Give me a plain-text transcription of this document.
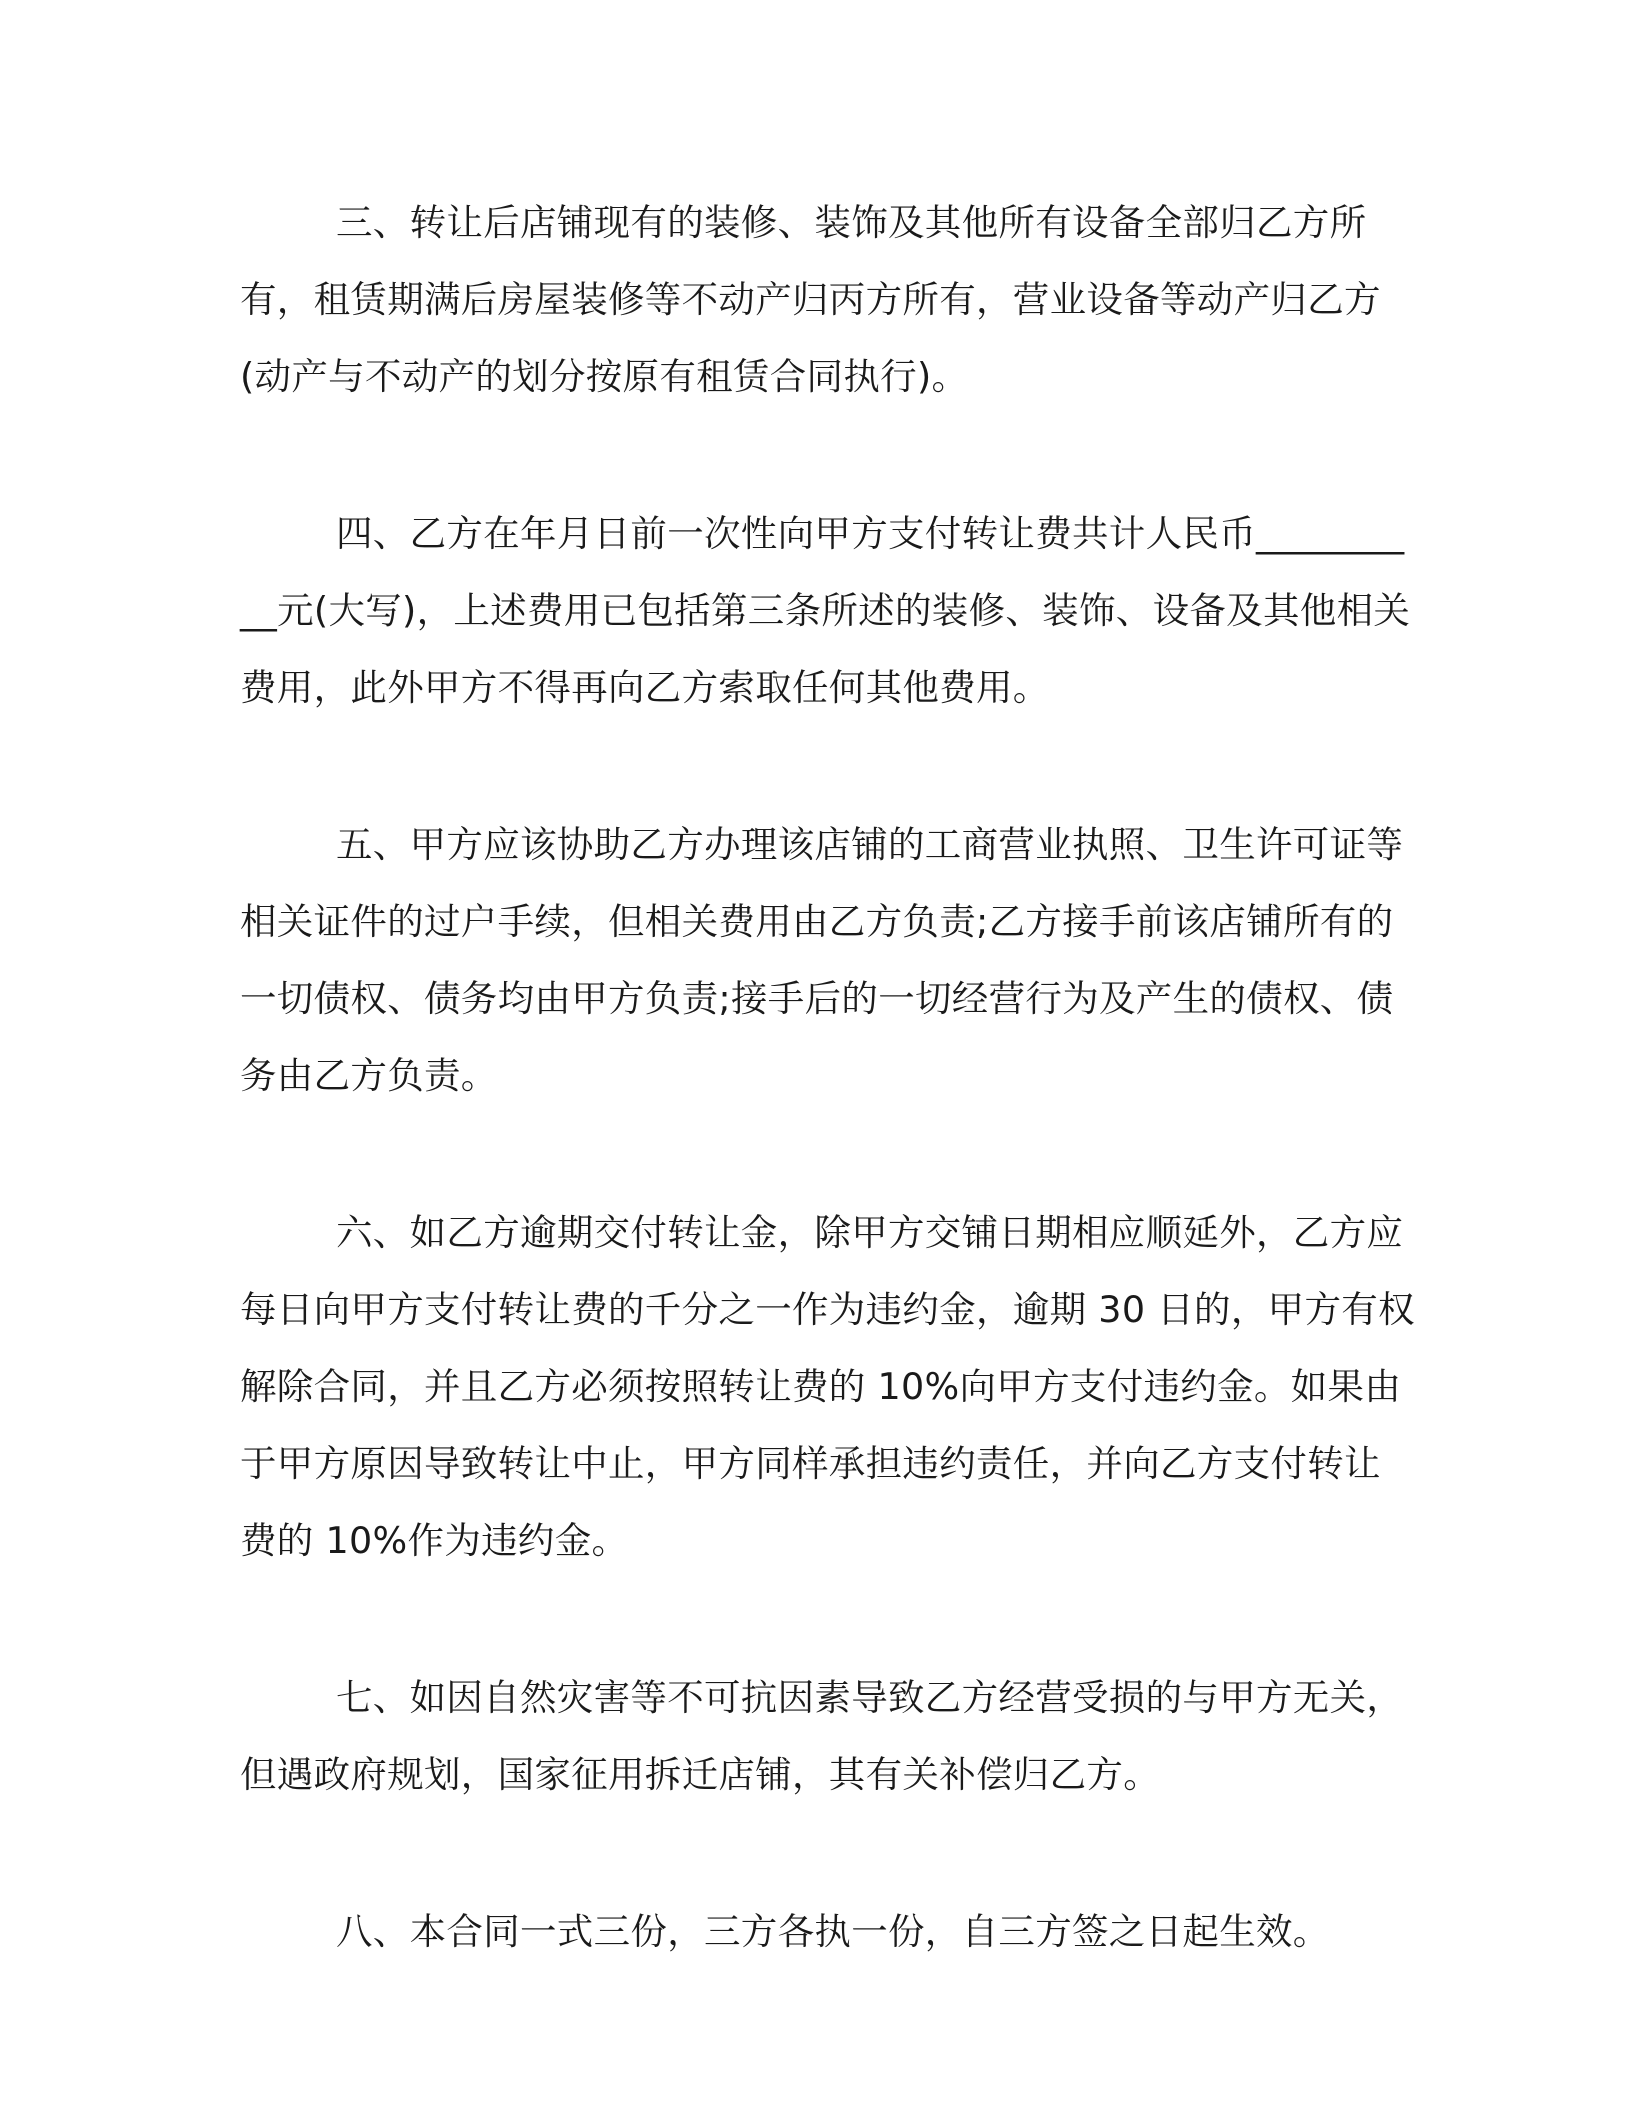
三、转让后店铺现有的装修、装饰及其他所有设备全部归乙方所有，租赁期满后房屋装修等不动产归丙方所有，营业设备等动产归乙方(动产与不动产的划分按原有租赁合同执行)。

四、乙方在年月日前一次性向甲方支付转让费共计人民币__________元(大写)，上述费用已包括第三条所述的装修、装饰、设备及其他相关费用，此外甲方不得再向乙方索取任何其他费用。

五、甲方应该协助乙方办理该店铺的工商营业执照、卫生许可证等相关证件的过户手续，但相关费用由乙方负责;乙方接手前该店铺所有的一切债权、债务均由甲方负责;接手后的一切经营行为及产生的债权、债务由乙方负责。

六、如乙方逾期交付转让金，除甲方交铺日期相应顺延外，乙方应每日向甲方支付转让费的千分之一作为违约金，逾期 30 日的，甲方有权解除合同，并且乙方必须按照转让费的 10%向甲方支付违约金。如果由于甲方原因导致转让中止，甲方同样承担违约责任，并向乙方支付转让费的 10%作为违约金。

七、如因自然灾害等不可抗因素导致乙方经营受损的与甲方无关，但遇政府规划，国家征用拆迁店铺，其有关补偿归乙方。

八、本合同一式三份，三方各执一份，自三方签之日起生效。
